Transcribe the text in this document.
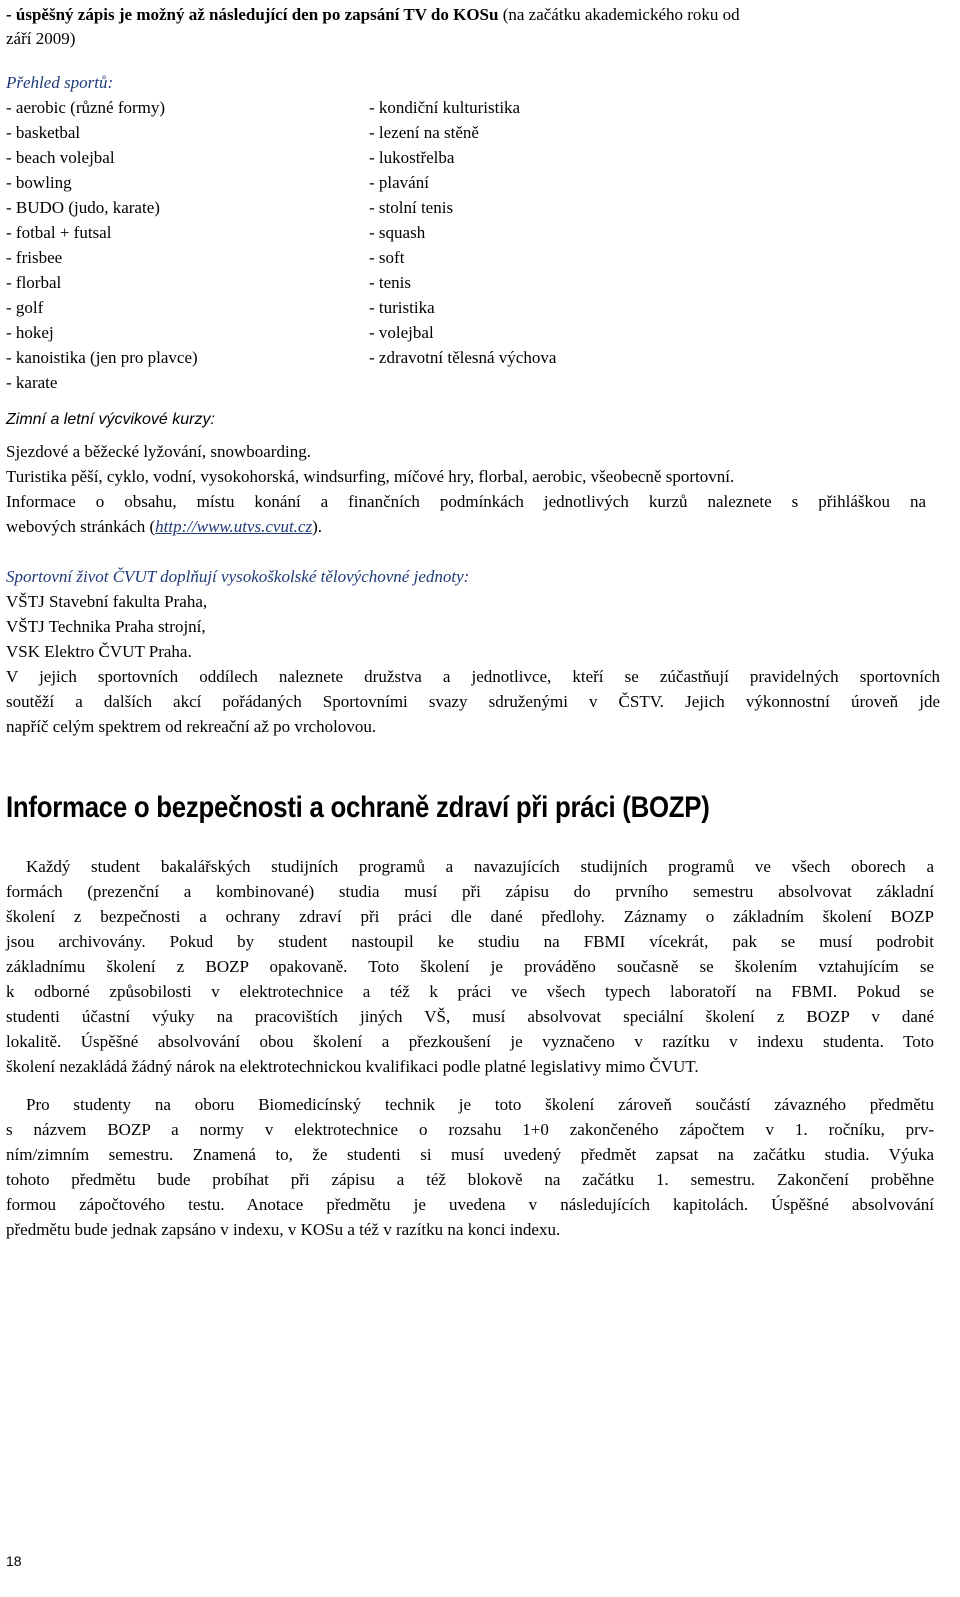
- úspěšný zápis je možný až následující den po zapsání TV do KOSu (na začátku akademického roku od
září 2009)
Přehled sportů:
- aerobic (různé formy)
- basketbal
- beach volejbal
- bowling
- BUDO (judo, karate)
- fotbal + futsal
- frisbee
- florbal
- golf
- hokej
- kanoistika (jen pro plavce)
- karate
- kondiční kulturistika
- lezení na stěně
- lukostřelba
- plavání
- stolní tenis
- squash
- soft
- tenis
- turistika
- volejbal
- zdravotní tělesná výchova
Zimní a letní výcvikové kurzy:
Sjezdové a běžecké lyžování, snowboarding.
Turistika pěší, cyklo, vodní, vysokohorská, windsurfing, míčové hry, florbal, aerobic, všeobecně sportovní.
Informace o obsahu, místu konání a finančních podmínkách jednotlivých kurzů naleznete s přihláškou na
webových stránkách (http://www.utvs.cvut.cz).
Sportovní život ČVUT doplňují vysokoškolské tělovýchovné jednoty:
VŠTJ Stavební fakulta Praha,
VŠTJ Technika Praha strojní,
VSK Elektro ČVUT Praha.
V jejich sportovních oddílech naleznete družstva a jednotlivce, kteří se zúčastňují pravidelných sportovních
soutěží a dalších akcí pořádaných Sportovními svazy sdruženými v ČSTV. Jejich výkonnostní úroveň jde
napříč celým spektrem od rekreační až po vrcholovou.
Informace o bezpečnosti a ochraně zdraví při práci (BOZP)
Každý student bakalářských studijních programů a navazujících studijních programů ve všech oborech a
formách (prezenční a kombinované) studia musí při zápisu do prvního semestru absolvovat základní
školení z bezpečnosti a ochrany zdraví při práci dle dané předlohy. Záznamy o základním školení BOZP
jsou archivovány. Pokud by student nastoupil ke studiu na FBMI vícekrát, pak se musí podrobit
základnímu školení z BOZP opakovaně. Toto školení je prováděno současně se školením vztahujícím se
k odborné způsobilosti v elektrotechnice a též k práci ve všech typech laboratoří na FBMI. Pokud se
studenti účastní výuky na pracovištích jiných VŠ, musí absolvovat speciální školení z BOZP v dané
lokalitě. Úspěšné absolvování obou školení a přezkoušení je vyznačeno v razítku v indexu studenta. Toto
školení nezakládá žádný nárok na elektrotechnickou kvalifikaci podle platné legislativy mimo ČVUT.
Pro studenty na oboru Biomedicínský technik je toto školení zároveň součástí závazného předmětu
s názvem BOZP a normy v elektrotechnice o rozsahu 1+0 zakončeného zápočtem v 1. ročníku, prv-
ním/zimním semestru. Znamená to, že studenti si musí uvedený předmět zapsat na začátku studia. Výuka
tohoto předmětu bude probíhat při zápisu a též blokově na začátku 1. semestru. Zakončení proběhne
formou zápočtového testu. Anotace předmětu je uvedena v následujících kapitolách. Úspěšné absolvování
předmětu bude jednak zapsáno v indexu, v KOSu a též v razítku na konci indexu.
18
